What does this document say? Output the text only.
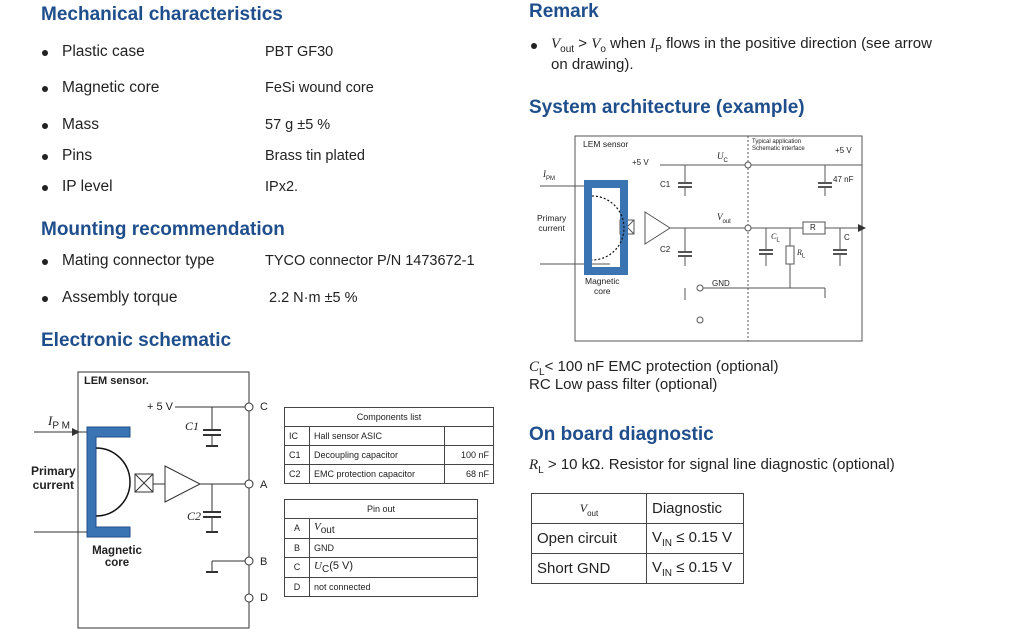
Mechanical characteristics
Plastic case	PBT GF30
Magnetic core	FeSi wound core
Mass	57 g ±5 %
Pins	Brass tin plated
IP level	IPx2.
Mounting recommendation
Mating connector type	TYCO connector P/N 1473672-1
Assembly torque	2.2 N·m ±5 %
Electronic schematic
LEM sensor.
+ 5 V
C1
C2
$I_{P M}$
Primary
current
Magnetic
core
C
A
B
D
Components list		
IC	Hall sensor ASIC	
C1	Decoupling capacitor	100 nF
C2	EMC protection capacitor	68 nF
Pin out	
A	$V_{out}$
B	GND
C	$U_C(5$ V)
D	not connected
Remark
$V_{out} > V_o$ when $I_P$ flows in the positive direction (see arrow
on drawing).
System architecture (example)
LEM sensor	Typical application
Schematic interface
+5 V
+5 V
$U_C$
C1
C2
47 nF
$I_{PM}$
Primary
current
$V_{out}$
R
$C_L$
$R_L$
C
GND
Magnetic
core
$C_L< 100$ nF EMC protection (optional)
RC Low pass filter (optional)
On board diagnostic
$R_L > 10$ kΩ. Resistor for signal line diagnostic (optional)
$V_{out}$	Diagnostic
Open circuit	$V_{IN} \le 0.15$ V
Short GND	$V_{IN} \le 0.15$ V
